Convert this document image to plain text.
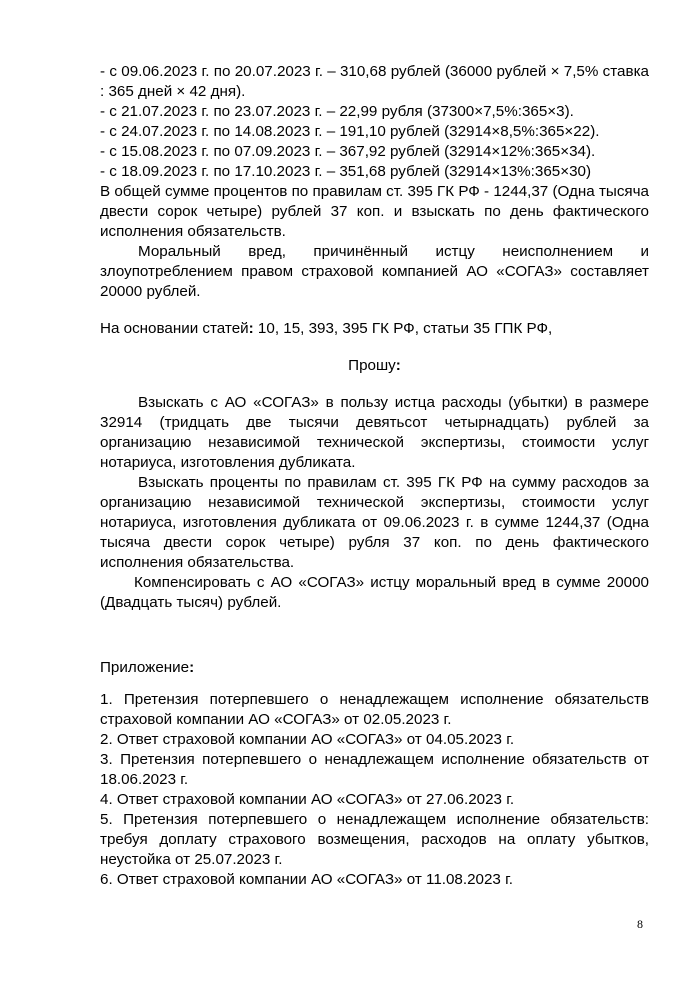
- с 09.06.2023 г. по 20.07.2023 г. – 310,68 рублей (36000 рублей × 7,5% ставка : 365 дней × 42 дня).

- с 21.07.2023 г. по 23.07.2023 г. – 22,99 рубля (37300×7,5%:365×3).

- с 24.07.2023 г. по 14.08.2023 г. – 191,10 рублей (32914×8,5%:365×22).

- с 15.08.2023 г. по 07.09.2023 г. – 367,92 рублей (32914×12%:365×34).

- с 18.09.2023 г. по 17.10.2023 г. – 351,68 рублей (32914×13%:365×30)

В общей сумме процентов по правилам ст. 395 ГК РФ - 1244,37 (Одна тысяча двести сорок четыре) рублей 37 коп. и взыскать по день фактического исполнения обязательств.

Моральный вред, причинённый истцу неисполнением и злоупотреблением правом страховой компанией АО «СОГАЗ» составляет 20000 рублей.

На основании статей: 10, 15, 393, 395 ГК РФ, статьи 35 ГПК РФ,

Прошу:

Взыскать с АО «СОГАЗ» в пользу истца расходы (убытки) в размере 32914 (тридцать две тысячи девятьсот четырнадцать) рублей за организацию независимой технической экспертизы, стоимости услуг нотариуса, изготовления дубликата.

Взыскать проценты по правилам ст. 395 ГК РФ на сумму расходов за организацию независимой технической экспертизы, стоимости услуг нотариуса, изготовления дубликата от 09.06.2023 г. в сумме 1244,37 (Одна тысяча двести сорок четыре) рубля 37 коп. по день фактического исполнения обязательства.

Компенсировать с АО «СОГАЗ» истцу моральный вред в сумме 20000 (Двадцать тысяч) рублей.

Приложение:

1. Претензия потерпевшего о ненадлежащем исполнение обязательств страховой компании АО «СОГАЗ» от 02.05.2023 г.

2. Ответ страховой компании АО «СОГАЗ» от 04.05.2023 г.

3. Претензия потерпевшего о ненадлежащем исполнение обязательств от 18.06.2023 г.

4. Ответ страховой компании АО «СОГАЗ» от 27.06.2023 г.

5. Претензия потерпевшего о ненадлежащем исполнение обязательств: требуя доплату страхового возмещения, расходов на оплату убытков, неустойка от 25.07.2023 г.

6. Ответ страховой компании АО «СОГАЗ» от 11.08.2023 г.

8
